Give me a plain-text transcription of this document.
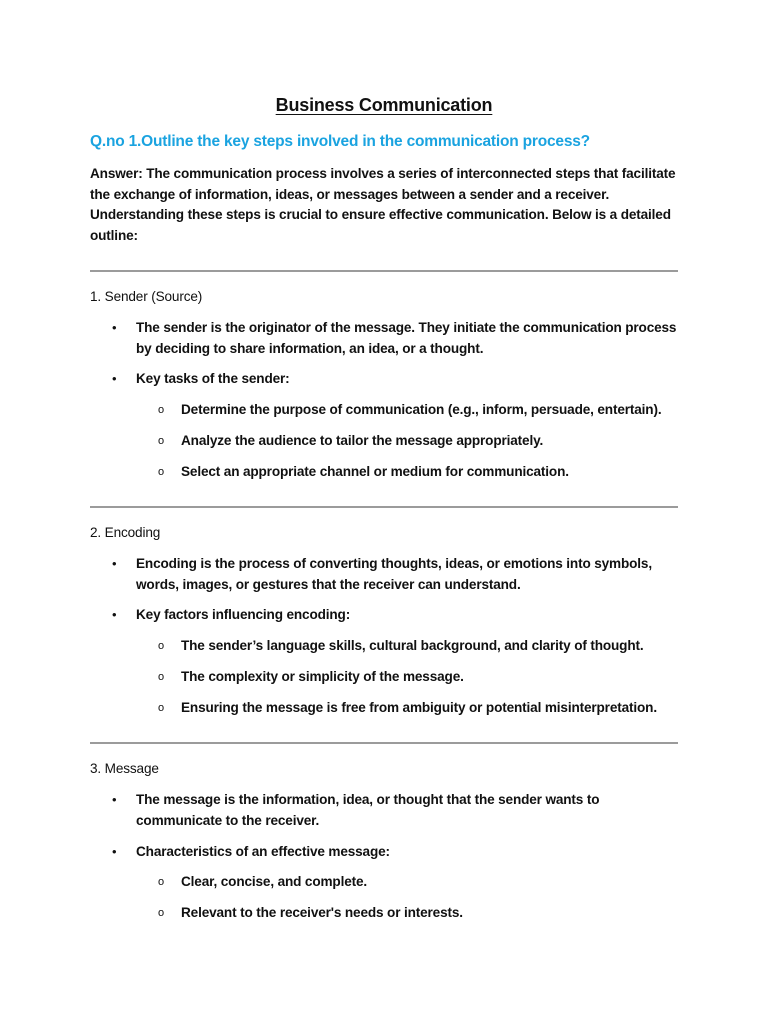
Business Communication
Q.no 1.Outline the key steps involved in the communication process?
Answer: The communication process involves a series of interconnected steps that facilitate the exchange of information, ideas, or messages between a sender and a receiver. Understanding these steps is crucial to ensure effective communication. Below is a detailed outline:
1. Sender (Source)
• The sender is the originator of the message. They initiate the communication process by deciding to share information, an idea, or a thought.
• Key tasks of the sender:
o Determine the purpose of communication (e.g., inform, persuade, entertain).
o Analyze the audience to tailor the message appropriately.
o Select an appropriate channel or medium for communication.
2. Encoding
• Encoding is the process of converting thoughts, ideas, or emotions into symbols, words, images, or gestures that the receiver can understand.
• Key factors influencing encoding:
o The sender’s language skills, cultural background, and clarity of thought.
o The complexity or simplicity of the message.
o Ensuring the message is free from ambiguity or potential misinterpretation.
3. Message
• The message is the information, idea, or thought that the sender wants to communicate to the receiver.
• Characteristics of an effective message:
o Clear, concise, and complete.
o Relevant to the receiver's needs or interests.
